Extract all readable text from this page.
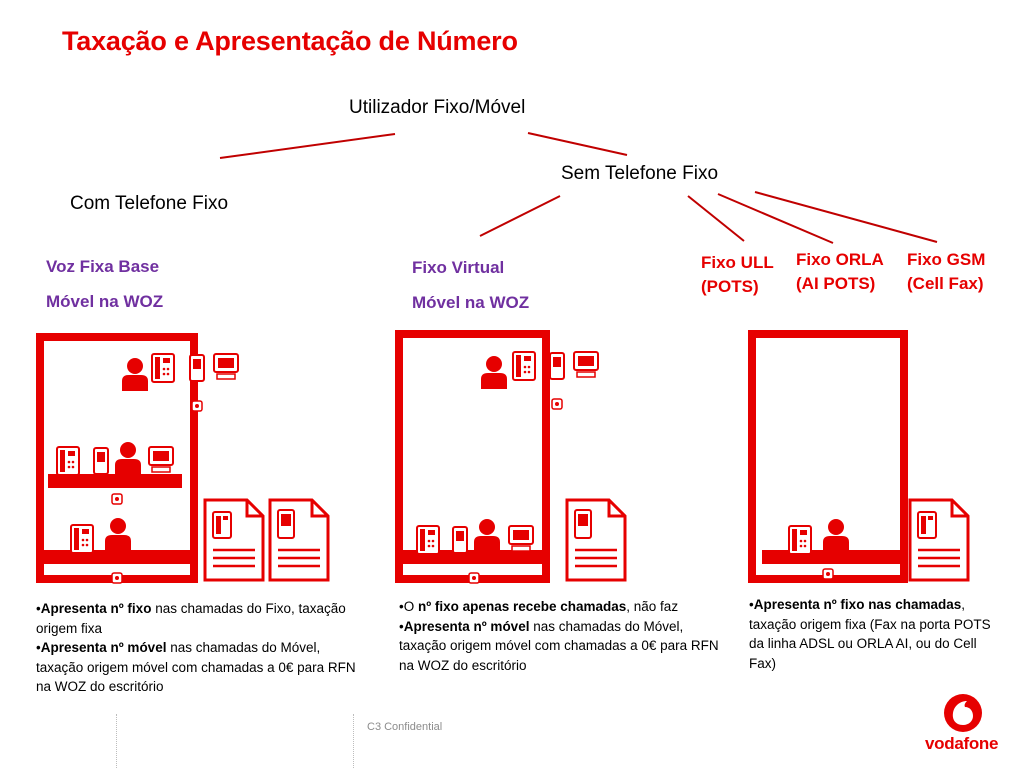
Taxação e Apresentação de Número
Utilizador Fixo/Móvel
Com Telefone Fixo
Sem Telefone Fixo
Voz Fixa Base
Móvel na WOZ
Fixo Virtual
Móvel na WOZ
Fixo ULL
(POTS)
Fixo ORLA
(AI POTS)
Fixo GSM
(Cell Fax)
•Apresenta nº fixo nas chamadas do Fixo, taxação origem fixa
•Apresenta nº móvel nas chamadas do Móvel, taxação origem móvel com chamadas a 0€ para RFN na WOZ do escritório
•O nº fixo apenas recebe chamadas, não faz
•Apresenta nº móvel nas chamadas do Móvel, taxação origem móvel com chamadas a 0€ para RFN na WOZ do escritório
•Apresenta nº fixo nas chamadas, taxação origem fixa (Fax na porta POTS da linha ADSL ou ORLA AI, ou do Cell Fax)
C3 Confidential
vodafone
